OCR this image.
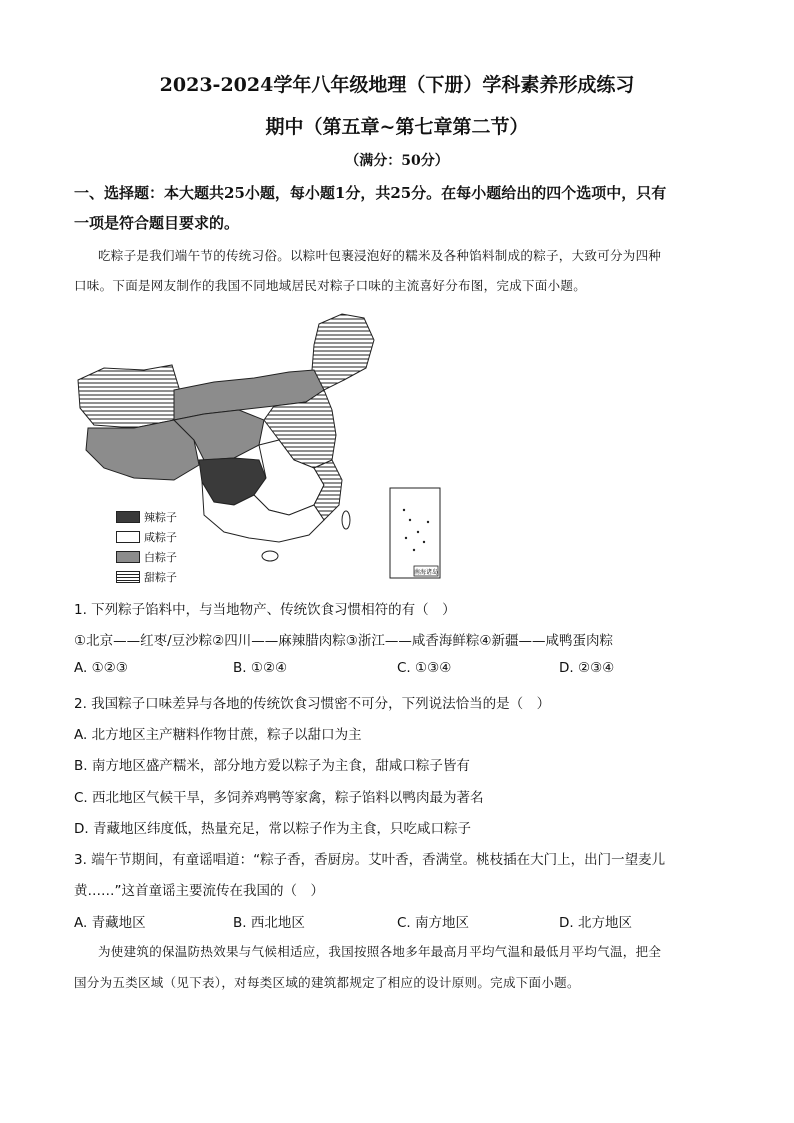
2023-2024学年八年级地理（下册）学科素养形成练习
期中（第五章~第七章第二节）
（满分：50分）
一、选择题：本大题共25小题，每小题1分，共25分。在每小题给出的四个选项中，只有
一项是符合题目要求的。
吃粽子是我们端午节的传统习俗。以粽叶包裹浸泡好的糯米及各种馅料制成的粽子，大致可分为四种
口味。下面是网友制作的我国不同地域居民对粽子口味的主流喜好分布图，完成下面小题。
南海诸岛
辣粽子
咸粽子
白粽子
甜粽子
1. 下列粽子馅料中，与当地物产、传统饮食习惯相符的有（　）
①北京——红枣/豆沙粽②四川——麻辣腊肉粽③浙江——咸香海鲜粽④新疆——咸鸭蛋肉粽
A. ①②③	B. ①②④	C. ①③④	D. ②③④
2. 我国粽子口味差异与各地的传统饮食习惯密不可分，下列说法恰当的是（　）
A. 北方地区主产糖料作物甘蔗，粽子以甜口为主
B. 南方地区盛产糯米，部分地方爱以粽子为主食，甜咸口粽子皆有
C. 西北地区气候干旱，多饲养鸡鸭等家禽，粽子馅料以鸭肉最为著名
D. 青藏地区纬度低，热量充足，常以粽子作为主食，只吃咸口粽子
3. 端午节期间，有童谣唱道：“粽子香，香厨房。艾叶香，香满堂。桃枝插在大门上，出门一望麦儿
黄……”这首童谣主要流传在我国的（　）
A. 青藏地区	B. 西北地区	C. 南方地区	D. 北方地区
为使建筑的保温防热效果与气候相适应，我国按照各地多年最高月平均气温和最低月平均气温，把全
国分为五类区域（见下表），对每类区域的建筑都规定了相应的设计原则。完成下面小题。
